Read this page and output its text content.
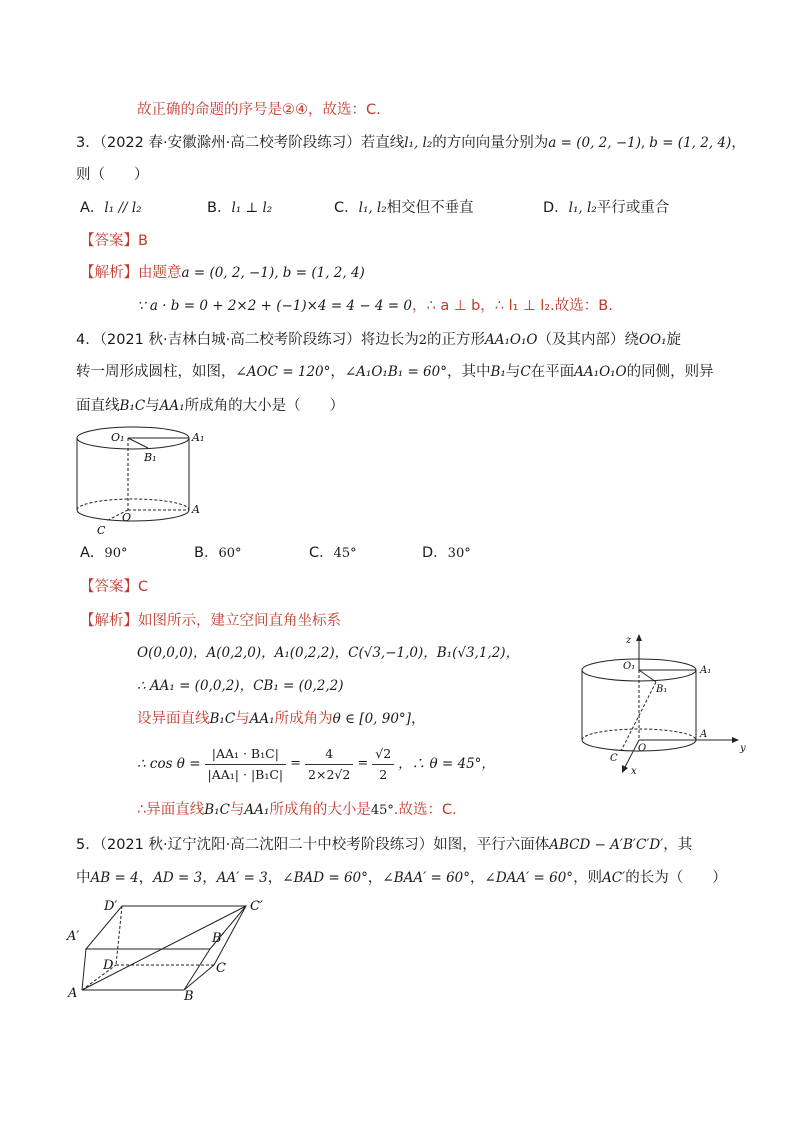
故正确的命题的序号是②④，故选：C.
3．（2022 春·安徽滁州·高二校考阶段练习）若直线l₁, l₂的方向向量分别为a = (0, 2, −1), b = (1, 2, 4)，
则（　　）
A．l₁ // l₂	B．l₁ ⊥ l₂	C．l₁, l₂相交但不垂直	D．l₁, l₂平行或重合
【答案】B
【解析】由题意a = (0, 2, −1), b = (1, 2, 4)
∵ a · b = 0 + 2×2 + (−1)×4 = 4 − 4 = 0，∴ a ⊥ b，∴ l₁ ⊥ l₂.故选：B.
4．（2021 秋·吉林白城·高二校考阶段练习）将边长为2的正方形AA₁O₁O（及其内部）绕OO₁旋
转一周形成圆柱，如图，∠AOC = 120°，∠A₁O₁B₁ = 60°，其中B₁与C在平面AA₁O₁O的同侧，则异
面直线B₁C与AA₁所成角的大小是（　　）
O₁	A₁
B₁
O
A
C
A．90°	B．60°	C．45°	D．30°
【答案】C
【解析】如图所示，建立空间直角坐标系
O(0,0,0)，A(0,2,0)，A₁(0,2,2)，C(√3,−1,0)，B₁(√3,1,2)，
∴ AA₁ = (0,0,2)，CB₁ = (0,2,2)
设异面直线B₁C与AA₁所成角为θ ∈ [0, 90°]，
∴ $\cos \theta = \frac{\text{|AA₁ · B₁C|}}{\text{|AA₁| · |B₁C|}} = \frac{4}{2\times 2√2} = \frac{√2}{2}$ ，∴ θ = 45°，
∴异面直线B₁C与AA₁所成角的大小是45°.故选：C.
z
O₁	A₁
B₁
O
A
C
x
y
5．（2021 秋·辽宁沈阳·高二沈阳二十中校考阶段练习）如图，平行六面体ABCD − A′B′C′D′，其
中AB = 4，AD = 3，AA′ = 3，∠BAD = 60°，∠BAA′ = 60°，∠DAA′ = 60°，则AC′的长为（　　）
A	B
C
D
A′	B′
C′
D′
